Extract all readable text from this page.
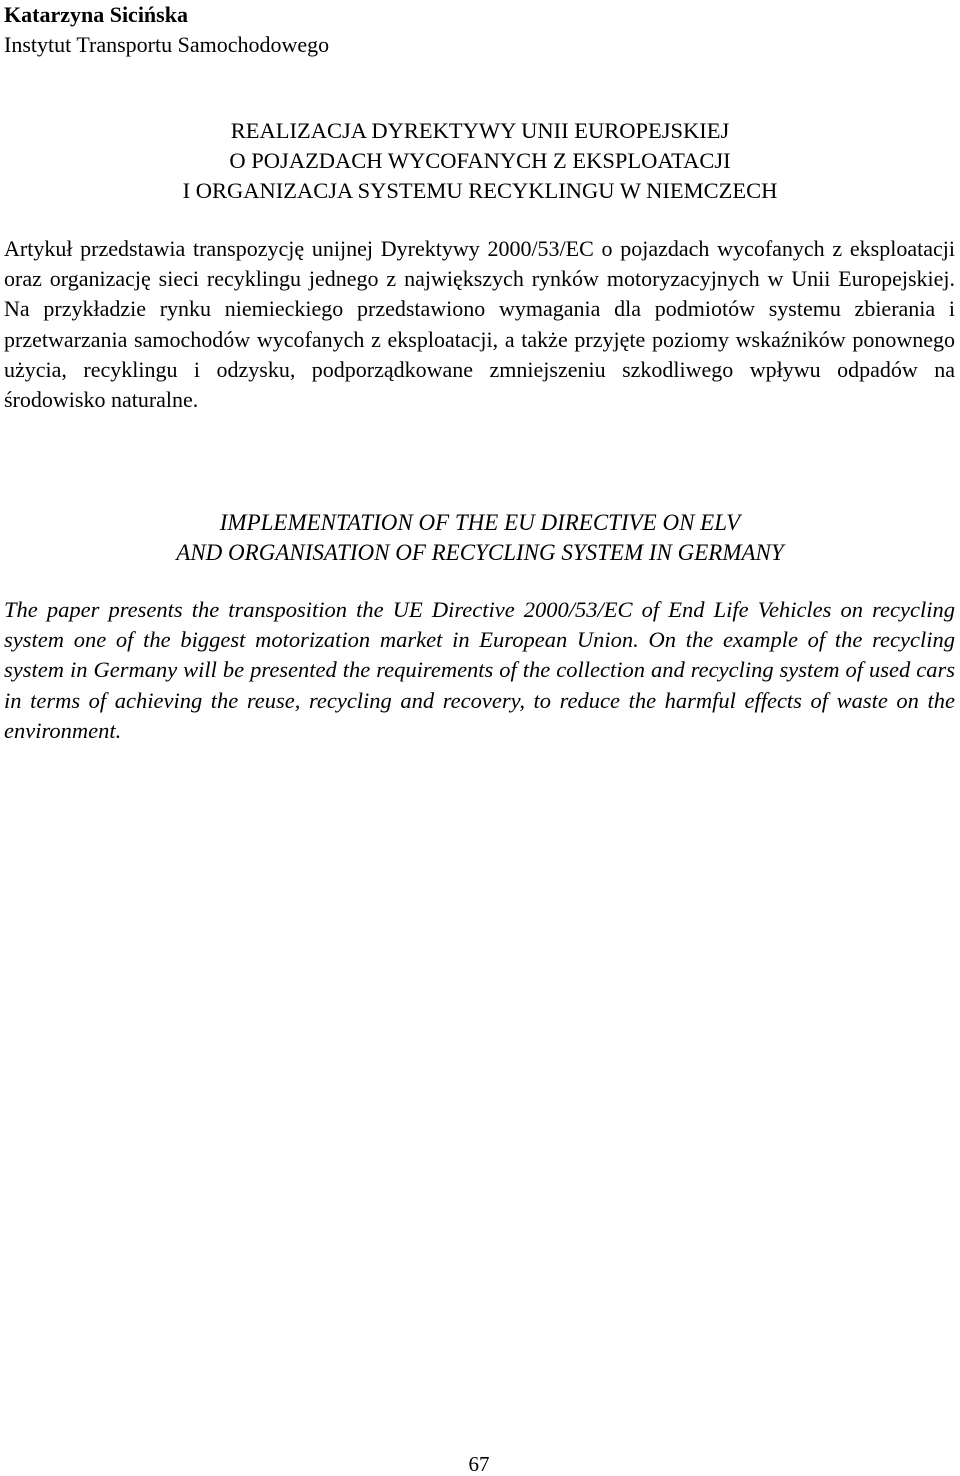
Katarzyna Sicińska
Instytut Transportu Samochodowego
REALIZACJA DYREKTYWY UNII EUROPEJSKIEJ
O POJAZDACH WYCOFANYCH Z EKSPLOATACJI
I ORGANIZACJA SYSTEMU RECYKLINGU W NIEMCZECH

Artykuł przedstawia transpozycję unijnej Dyrektywy 2000/53/EC o pojazdach wycofanych z eksploatacji oraz organizację sieci recyklingu jednego z największych rynków motoryzacyjnych w Unii Europejskiej. Na przykładzie rynku niemieckiego przedstawiono wymagania dla podmiotów systemu zbierania i przetwarzania samochodów wycofanych z eksploatacji, a także przyjęte poziomy wskaźników ponownego użycia, recyklingu i odzysku, podporządkowane zmniejszeniu szkodliwego wpływu odpadów na środowisko naturalne.

IMPLEMENTATION OF THE EU DIRECTIVE ON ELV
AND ORGANISATION OF RECYCLING SYSTEM IN GERMANY

The paper presents the transposition the UE Directive 2000/53/EC of End Life Vehicles on recycling system one of the biggest motorization market in European Union. On the example of the recycling system in Germany will be presented the requirements of the collection and recycling system of used cars in terms of achieving the reuse, recycling and recovery, to reduce the harmful effects of waste on the environment.

67
